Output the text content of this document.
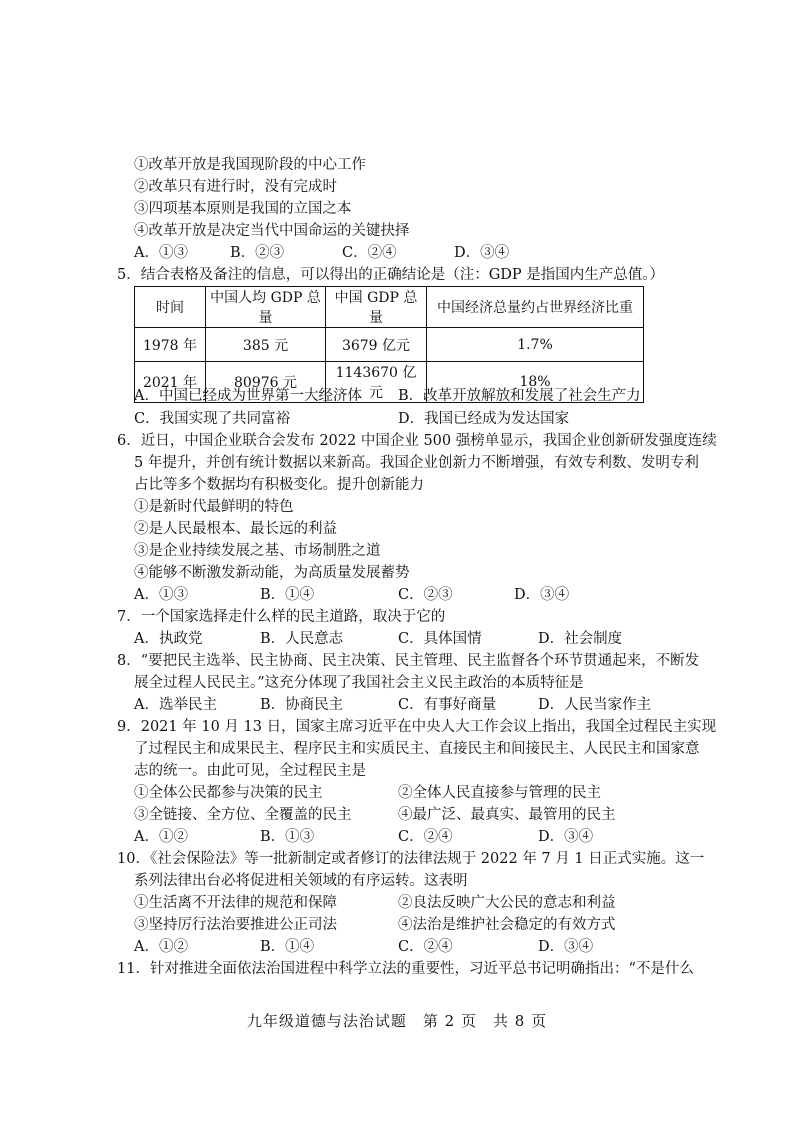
①改革开放是我国现阶段的中心工作
②改革只有进行时，没有完成时
③四项基本原则是我国的立国之本
④改革开放是决定当代中国命运的关键抉择
A．①③	B．②③	C．②④	D．③④
5．结合表格及备注的信息，可以得出的正确结论是（注：GDP 是指国内生产总值。）
时间	中国人均 GDP 总量	中国 GDP 总量	中国经济总量约占世界经济比重
1978 年	385 元	3679 亿元	1.7%
2021 年	80976 元	1143670 亿元	18%
A．中国已经成为世界第一大经济体 B．改革开放解放和发展了社会生产力
C．我国实现了共同富裕	D．我国已经成为发达国家
6．近日，中国企业联合会发布 2022 中国企业 500 强榜单显示，我国企业创新研发强度连续
5 年提升，并创有统计数据以来新高。我国企业创新力不断增强，有效专利数、发明专利
占比等多个数据均有积极变化。提升创新能力
①是新时代最鲜明的特色
②是人民最根本、最长远的利益
③是企业持续发展之基、市场制胜之道
④能够不断激发新动能，为高质量发展蓄势
A．①③	B．①④	C．②③	D．③④
7．一个国家选择走什么样的民主道路，取决于它的
A．执政党	B．人民意志	C．具体国情	D．社会制度
8．“要把民主选举、民主协商、民主决策、民主管理、民主监督各个环节贯通起来，不断发
展全过程人民民主。”这充分体现了我国社会主义民主政治的本质特征是
A．选举民主	B．协商民主	C．有事好商量	D．人民当家作主
9．2021 年 10 月 13 日，国家主席习近平在中央人大工作会议上指出，我国全过程民主实现
了过程民主和成果民主、程序民主和实质民主、直接民主和间接民主、人民民主和国家意
志的统一。由此可见，全过程民主是
①全体公民都参与决策的民主	②全体人民直接参与管理的民主
③全链接、全方位、全覆盖的民主	④最广泛、最真实、最管用的民主
A．①②	B．①③	C．②④	D．③④
10．《社会保险法》等一批新制定或者修订的法律法规于 2022 年 7 月 1 日正式实施。这一
系列法律出台必将促进相关领域的有序运转。这表明
①生活离不开法律的规范和保障	②良法反映广大公民的意志和利益
③坚持厉行法治要推进公正司法	④法治是维护社会稳定的有效方式
A．①②	B．①④	C．②④	D．③④
11．针对推进全面依法治国进程中科学立法的重要性，习近平总书记明确指出：“不是什么
九年级道德与法治试题　第 2 页　共 8 页
